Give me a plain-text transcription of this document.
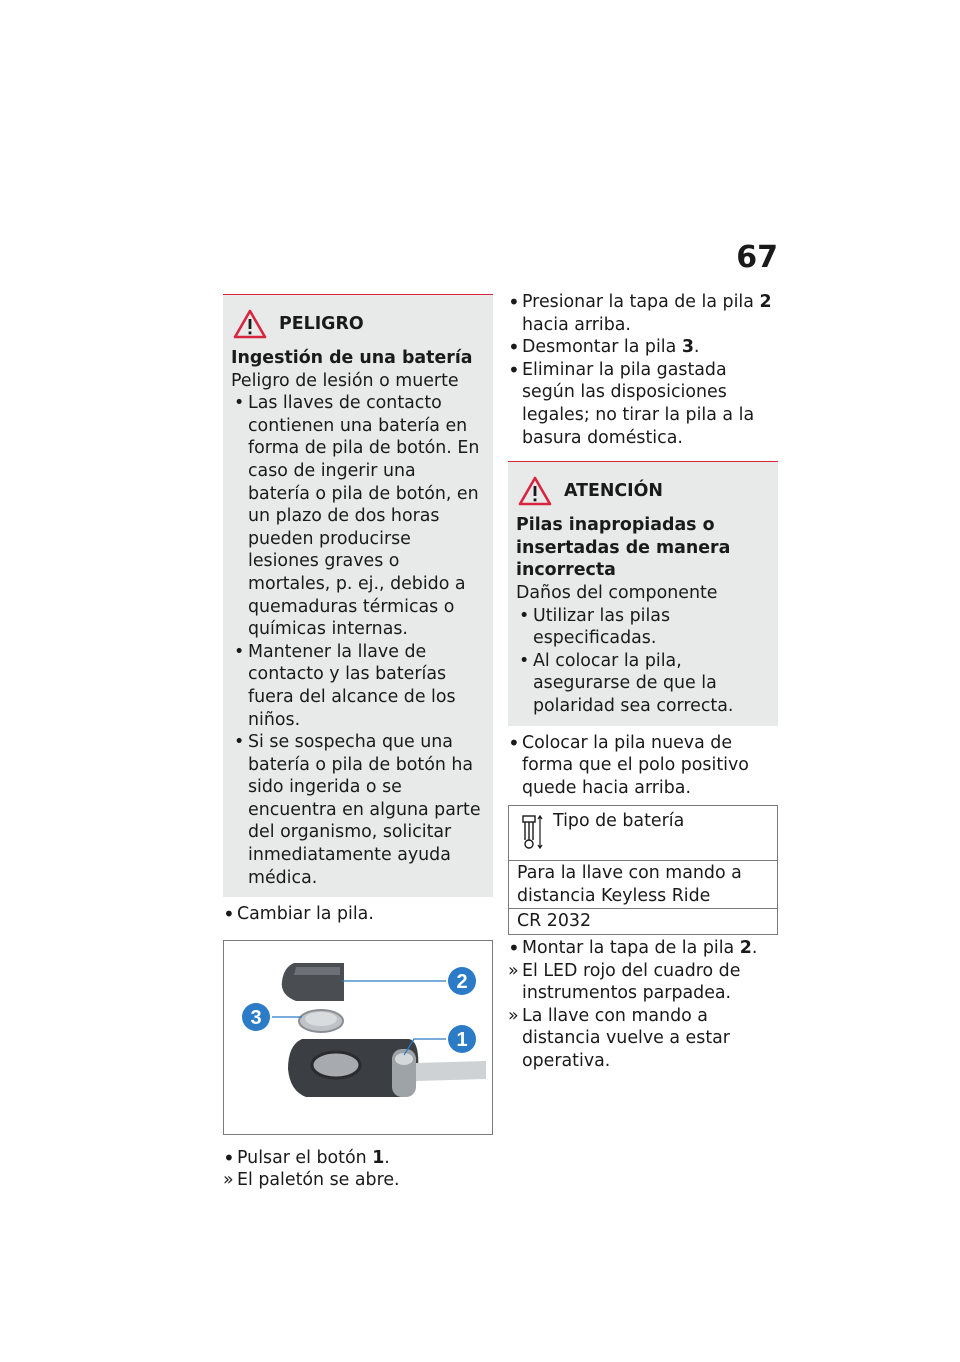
67
PELIGRO
Ingestión de una batería
Peligro de lesión o muerte
• Las llaves de contacto contienen una batería en forma de pila de botón. En caso de ingerir una batería o pila de botón, en un plazo de dos horas pueden producirse lesiones graves o mortales, p. ej., debido a quemaduras térmicas o químicas internas.
• Mantener la llave de contacto y las baterías fuera del alcance de los niños.
• Si se sospecha que una batería o pila de botón ha sido ingerida o se encuentra en alguna parte del organismo, solicitar inmediatamente ayuda médica.
• Cambiar la pila.
2
3
1
• Pulsar el botón 1.
» El paletón se abre.
• Presionar la tapa de la pila 2 hacia arriba.
• Desmontar la pila 3.
• Eliminar la pila gastada según las disposiciones legales; no tirar la pila a la basura doméstica.
ATENCIÓN
Pilas inapropiadas o insertadas de manera incorrecta
Daños del componente
• Utilizar las pilas especificadas.
• Al colocar la pila, asegurarse de que la polaridad sea correcta.
• Colocar la pila nueva de forma que el polo positivo quede hacia arriba.
Tipo de batería

Para la llave con mando a distancia Keyless Ride
CR 2032
• Montar la tapa de la pila 2.
» El LED rojo del cuadro de instrumentos parpadea.
» La llave con mando a distancia vuelve a estar operativa.
